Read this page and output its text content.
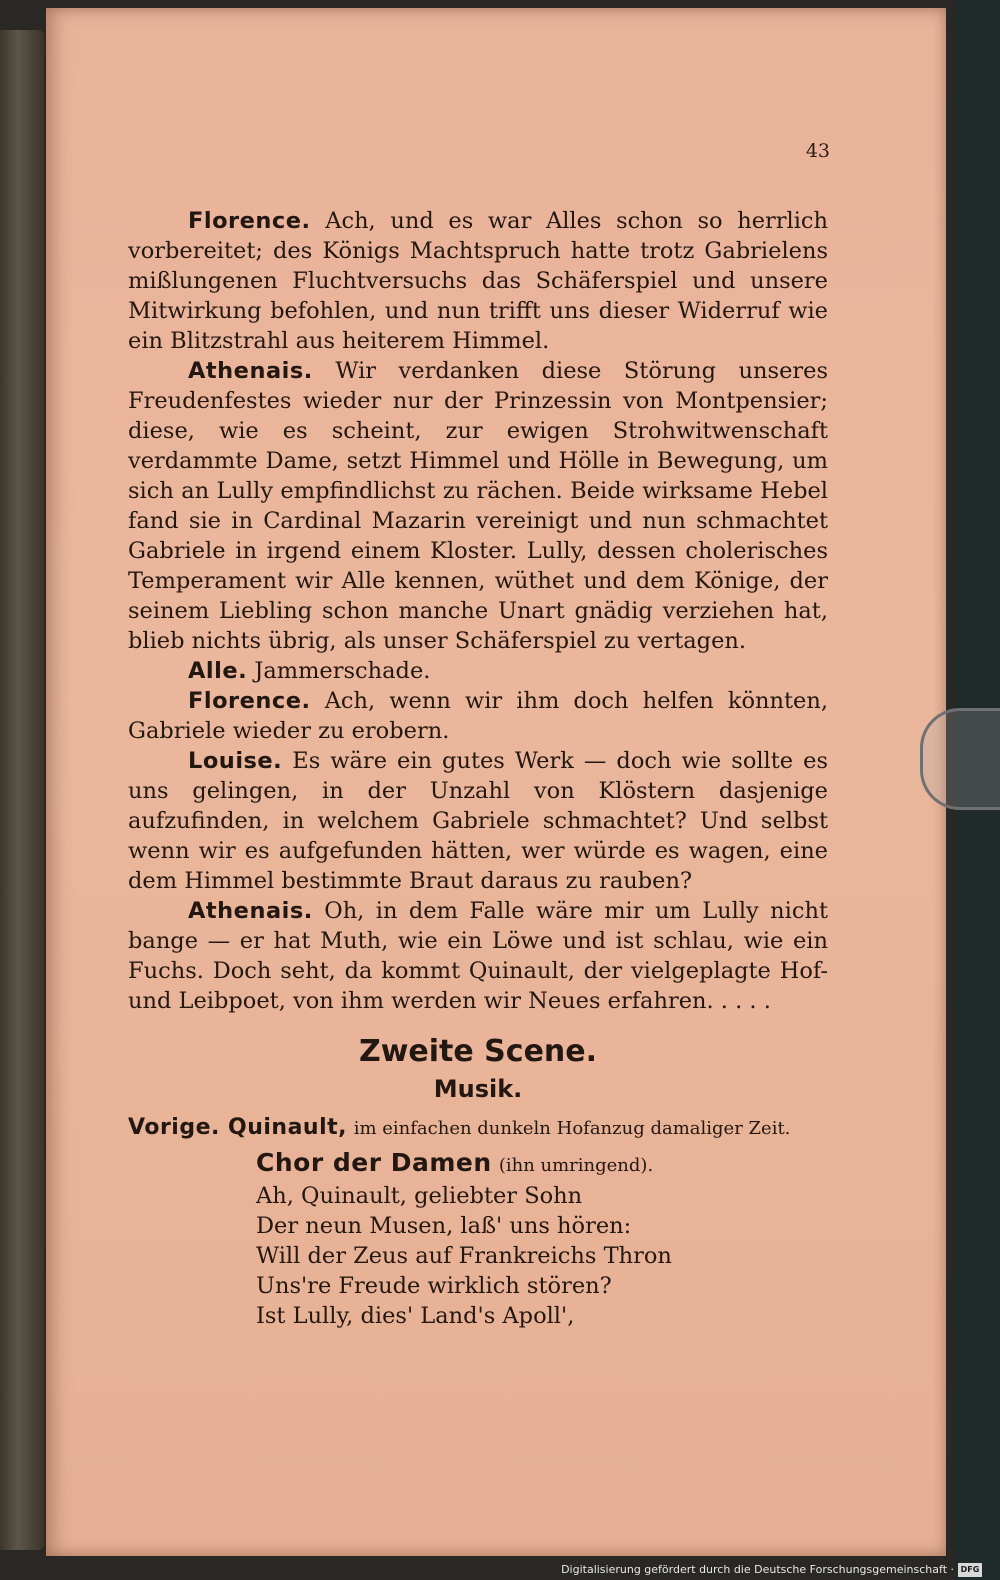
43

Florence. Ach, und es war Alles schon so herrlich vorbereitet; des Königs Machtspruch hatte trotz Gabrielens mißlungenen Fluchtversuchs das Schäferspiel und unsere Mitwirkung befohlen, und nun trifft uns dieser Widerruf wie ein Blitzstrahl aus heiterem Himmel.

Athenais. Wir verdanken diese Störung unseres Freudenfestes wieder nur der Prinzessin von Montpensier; diese, wie es scheint, zur ewigen Strohwitwenschaft verdammte Dame, setzt Himmel und Hölle in Bewegung, um sich an Lully empfindlichst zu rächen. Beide wirksame Hebel fand sie in Cardinal Mazarin vereinigt und nun schmachtet Gabriele in irgend einem Kloster. Lully, dessen cholerisches Temperament wir Alle kennen, wüthet und dem Könige, der seinem Liebling schon manche Unart gnädig verziehen hat, blieb nichts übrig, als unser Schäferspiel zu vertagen.

Alle. Jammerschade.

Florence. Ach, wenn wir ihm doch helfen könnten, Gabriele wieder zu erobern.

Louise. Es wäre ein gutes Werk — doch wie sollte es uns gelingen, in der Unzahl von Klöstern dasjenige aufzufinden, in welchem Gabriele schmachtet? Und selbst wenn wir es aufgefunden hätten, wer würde es wagen, eine dem Himmel bestimmte Braut daraus zu rauben?

Athenais. Oh, in dem Falle wäre mir um Lully nicht bange — er hat Muth, wie ein Löwe und ist schlau, wie ein Fuchs. Doch seht, da kommt Quinault, der vielgeplagte Hof- und Leibpoet, von ihm werden wir Neues erfahren. . . . .

Zweite Scene.

Musik.

Vorige. Quinault, im einfachen dunkeln Hofanzug damaliger Zeit.

Chor der Damen (ihn umringend).

Ah, Quinault, geliebter Sohn

Der neun Musen, laß' uns hören:

Will der Zeus auf Frankreichs Thron

Uns're Freude wirklich stören?

Ist Lully, dies' Land's Apoll',

Digitalisierung gefördert durch die Deutsche Forschungsgemeinschaft · DFG
